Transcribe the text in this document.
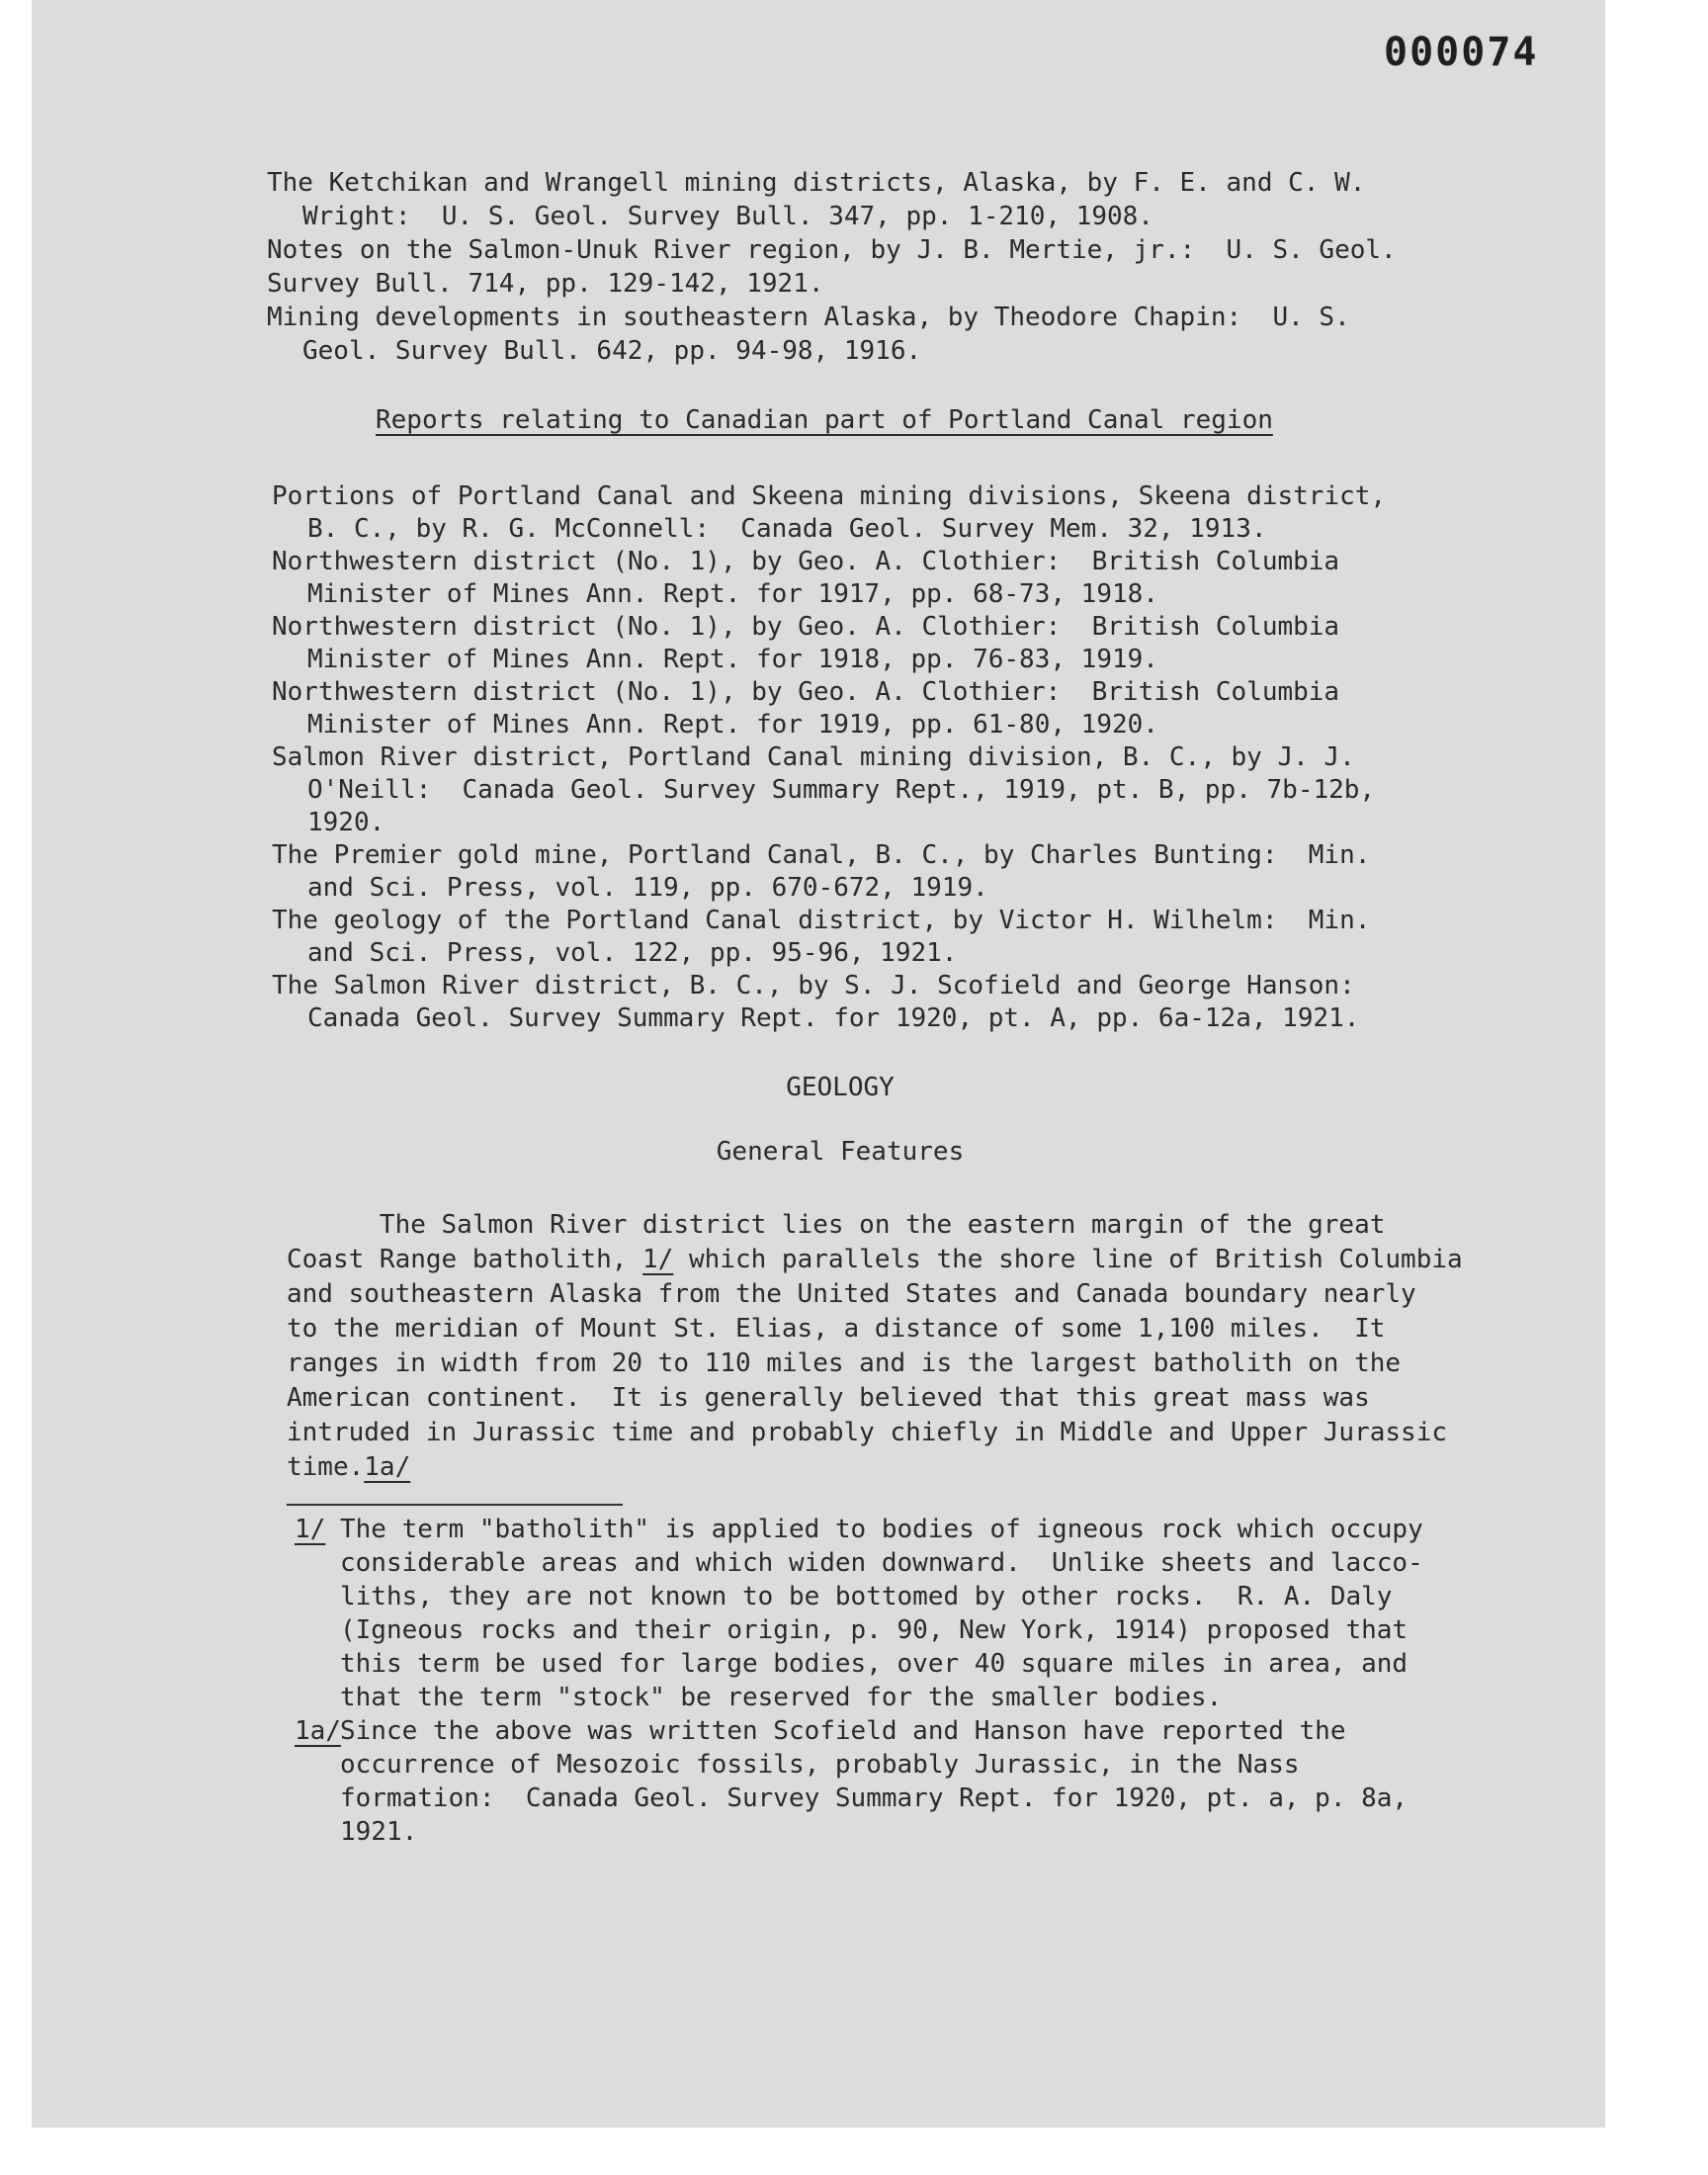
000074
The Ketchikan and Wrangell mining districts, Alaska, by F. E. and C. W.
Wright:  U. S. Geol. Survey Bull. 347, pp. 1-210, 1908.
Notes on the Salmon-Unuk River region, by J. B. Mertie, jr.:  U. S. Geol.
Survey Bull. 714, pp. 129-142, 1921.
Mining developments in southeastern Alaska, by Theodore Chapin:  U. S.
Geol. Survey Bull. 642, pp. 94-98, 1916.
Reports relating to Canadian part of Portland Canal region
Portions of Portland Canal and Skeena mining divisions, Skeena district,
B. C., by R. G. McConnell:  Canada Geol. Survey Mem. 32, 1913.
Northwestern district (No. 1), by Geo. A. Clothier:  British Columbia
Minister of Mines Ann. Rept. for 1917, pp. 68-73, 1918.
Northwestern district (No. 1), by Geo. A. Clothier:  British Columbia
Minister of Mines Ann. Rept. for 1918, pp. 76-83, 1919.
Northwestern district (No. 1), by Geo. A. Clothier:  British Columbia
Minister of Mines Ann. Rept. for 1919, pp. 61-80, 1920.
Salmon River district, Portland Canal mining division, B. C., by J. J.
O'Neill:  Canada Geol. Survey Summary Rept., 1919, pt. B, pp. 7b-12b,
1920.
The Premier gold mine, Portland Canal, B. C., by Charles Bunting:  Min.
and Sci. Press, vol. 119, pp. 670-672, 1919.
The geology of the Portland Canal district, by Victor H. Wilhelm:  Min.
and Sci. Press, vol. 122, pp. 95-96, 1921.
The Salmon River district, B. C., by S. J. Scofield and George Hanson:
Canada Geol. Survey Summary Rept. for 1920, pt. A, pp. 6a-12a, 1921.
GEOLOGY
General Features
The Salmon River district lies on the eastern margin of the great
Coast Range batholith, 1/ which parallels the shore line of British Columbia
and southeastern Alaska from the United States and Canada boundary nearly
to the meridian of Mount St. Elias, a distance of some 1,100 miles.  It
ranges in width from 20 to 110 miles and is the largest batholith on the
American continent.  It is generally believed that this great mass was
intruded in Jurassic time and probably chiefly in Middle and Upper Jurassic
time.1a/
1/ The term "batholith" is applied to bodies of igneous rock which occupy
considerable areas and which widen downward.  Unlike sheets and lacco-
liths, they are not known to be bottomed by other rocks.  R. A. Daly
(Igneous rocks and their origin, p. 90, New York, 1914) proposed that
this term be used for large bodies, over 40 square miles in area, and
that the term "stock" be reserved for the smaller bodies.
1a/ Since the above was written Scofield and Hanson have reported the
occurrence of Mesozoic fossils, probably Jurassic, in the Nass
formation:  Canada Geol. Survey Summary Rept. for 1920, pt. a, p. 8a,
1921.
